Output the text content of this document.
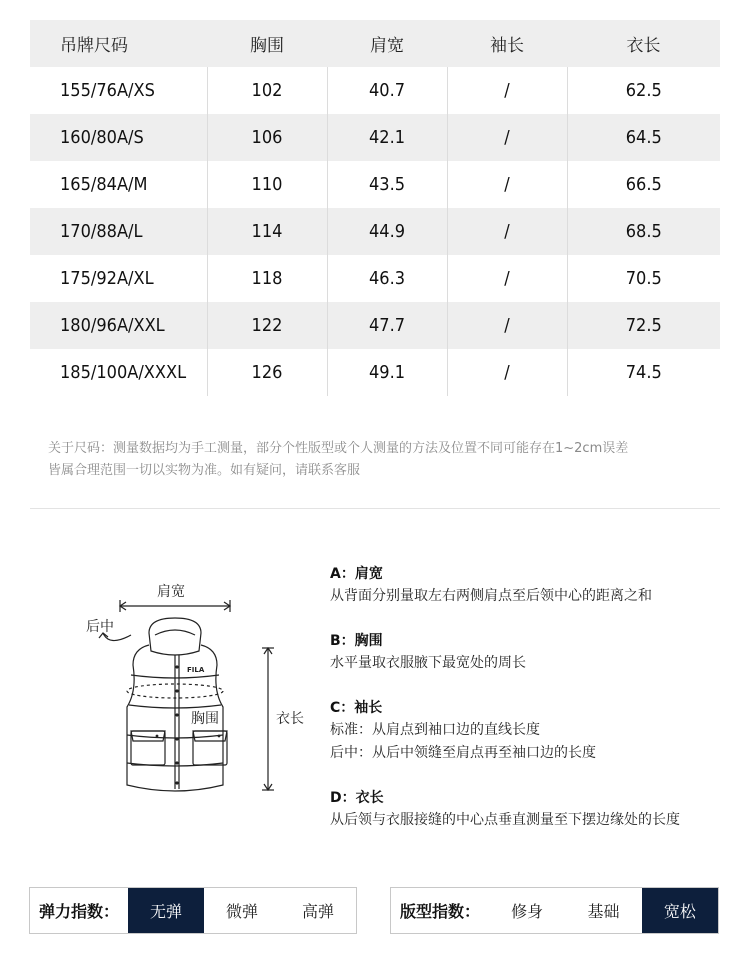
吊牌尺码	胸围	肩宽	袖长	衣长
155/76A/XS	102	40.7	/	62.5
160/80A/S	106	42.1	/	64.5
165/84A/M	110	43.5	/	66.5
170/88A/L	114	44.9	/	68.5
175/92A/XL	118	46.3	/	70.5
180/96A/XXL	122	47.7	/	72.5
185/100A/XXXL	126	49.1	/	74.5
关于尺码：测量数据均为手工测量，部分个性版型或个人测量的方法及位置不同可能存在1~2cm误差
皆属合理范围一切以实物为准。如有疑问，请联系客服
FILA
肩宽
后中
胸围	衣长
A：肩宽
从背面分别量取左右两侧肩点至后领中心的距离之和
B：胸围
水平量取衣服腋下最宽处的周长
C：袖长
标准：从肩点到袖口边的直线长度
后中：从后中领缝至肩点再至袖口边的长度
D：衣长
从后领与衣服接缝的中心点垂直测量至下摆边缘处的长度
弹力指数：	无弹	微弹	高弹	版型指数：	修身	基础	宽松
